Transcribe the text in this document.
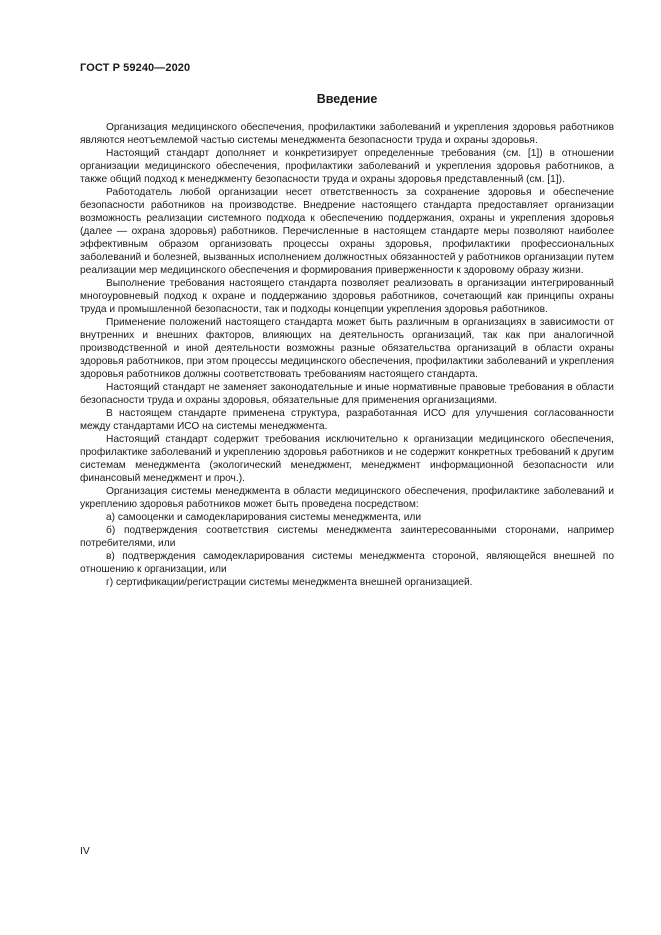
ГОСТ Р 59240—2020
Введение

Организация медицинского обеспечения, профилактики заболеваний и укрепления здоровья работников являются неотъемлемой частью системы менеджмента безопасности труда и охраны здоровья.

Настоящий стандарт дополняет и конкретизирует определенные требования (см. [1]) в отношении организации медицинского обеспечения, профилактики заболеваний и укрепления здоровья работников, а также общий подход к менеджменту безопасности труда и охраны здоровья представленный (см. [1]).

Работодатель любой организации несет ответственность за сохранение здоровья и обеспечение безопасности работников на производстве. Внедрение настоящего стандарта предоставляет организации возможность реализации системного подхода к обеспечению поддержания, охраны и укрепления здоровья (далее — охрана здоровья) работников. Перечисленные в настоящем стандарте меры позволяют наиболее эффективным образом организовать процессы охраны здоровья, профилактики профессиональных заболеваний и болезней, вызванных исполнением должностных обязанностей у работников организации путем реализации мер медицинского обеспечения и формирования приверженности к здоровому образу жизни.

Выполнение требования настоящего стандарта позволяет реализовать в организации интегрированный многоуровневый подход к охране и поддержанию здоровья работников, сочетающий как принципы охраны труда и промышленной безопасности, так и подходы концепции укрепления здоровья работников.

Применение положений настоящего стандарта может быть различным в организациях в зависимости от внутренних и внешних факторов, влияющих на деятельность организаций, так как при аналогичной производственной и иной деятельности возможны разные обязательства организаций в области охраны здоровья работников, при этом процессы медицинского обеспечения, профилактики заболеваний и укрепления здоровья работников должны соответствовать требованиям настоящего стандарта.

Настоящий стандарт не заменяет законодательные и иные нормативные правовые требования в области безопасности труда и охраны здоровья, обязательные для применения организациями.

В настоящем стандарте применена структура, разработанная ИСО для улучшения согласованности между стандартами ИСО на системы менеджмента.

Настоящий стандарт содержит требования исключительно к организации медицинского обеспечения, профилактике заболеваний и укреплению здоровья работников и не содержит конкретных требований к другим системам менеджмента (экологический менеджмент, менеджмент информационной безопасности или финансовый менеджмент и проч.).

Организация системы менеджмента в области медицинского обеспечения, профилактике заболеваний и укреплению здоровья работников может быть проведена посредством:

а) самооценки и самодекларирования системы менеджмента, или

б) подтверждения соответствия системы менеджмента заинтересованными сторонами, например потребителями, или

в) подтверждения самодекларирования системы менеджмента стороной, являющейся внешней по отношению к организации, или

г) сертификации/регистрации системы менеджмента внешней организацией.

IV
